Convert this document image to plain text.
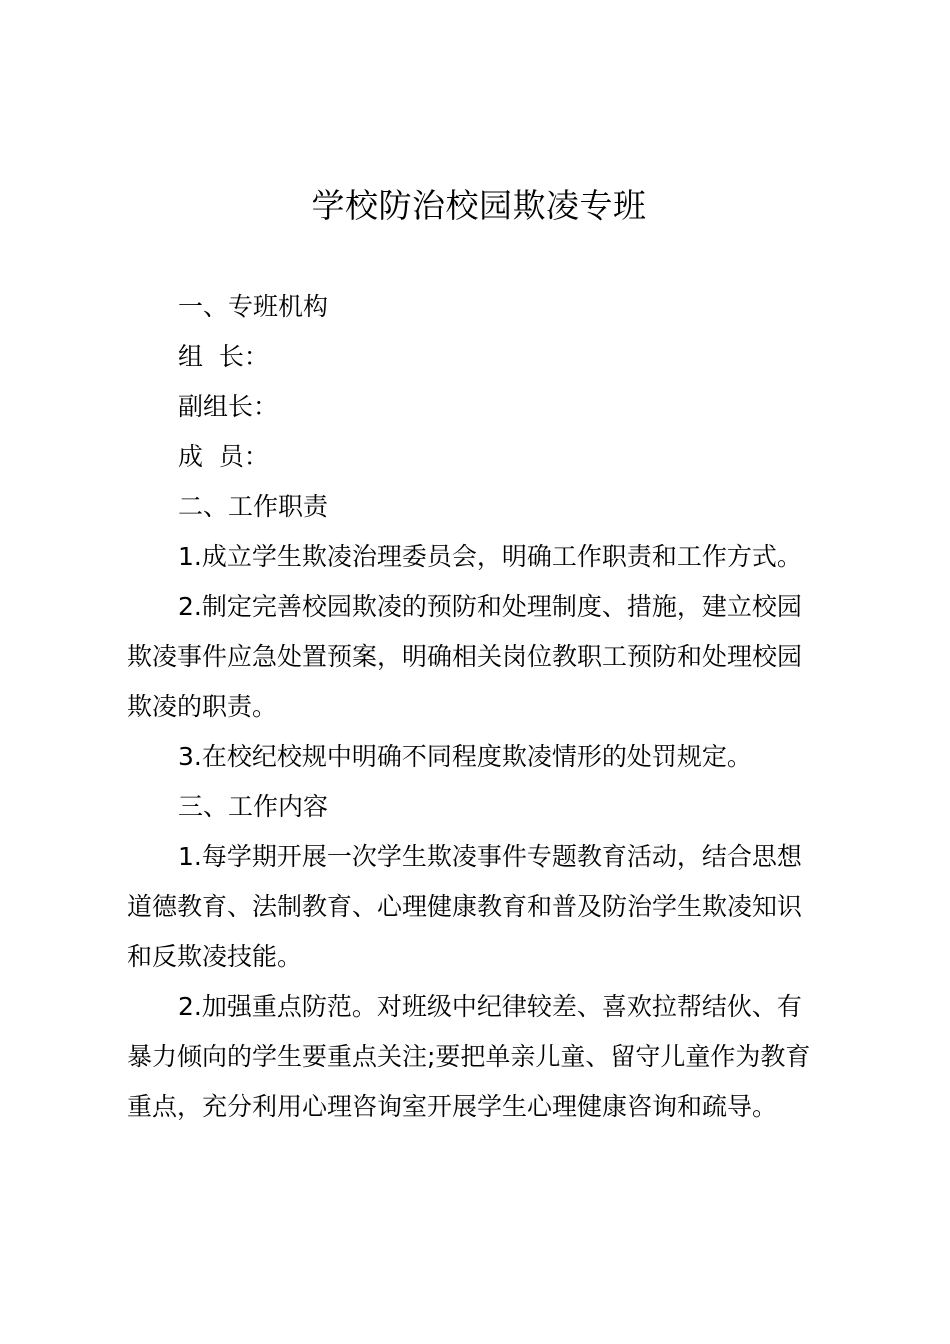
学校防治校园欺凌专班
一、专班机构
组  长：
副组长：
成  员：
二、工作职责
1.成立学生欺凌治理委员会，明确工作职责和工作方式。
2.制定完善校园欺凌的预防和处理制度、措施，建立校园
欺凌事件应急处置预案，明确相关岗位教职工预防和处理校园
欺凌的职责。
3.在校纪校规中明确不同程度欺凌情形的处罚规定。
三、工作内容
1.每学期开展一次学生欺凌事件专题教育活动，结合思想
道德教育、法制教育、心理健康教育和普及防治学生欺凌知识
和反欺凌技能。
2.加强重点防范。对班级中纪律较差、喜欢拉帮结伙、有
暴力倾向的学生要重点关注;要把单亲儿童、留守儿童作为教育
重点，充分利用心理咨询室开展学生心理健康咨询和疏导。
